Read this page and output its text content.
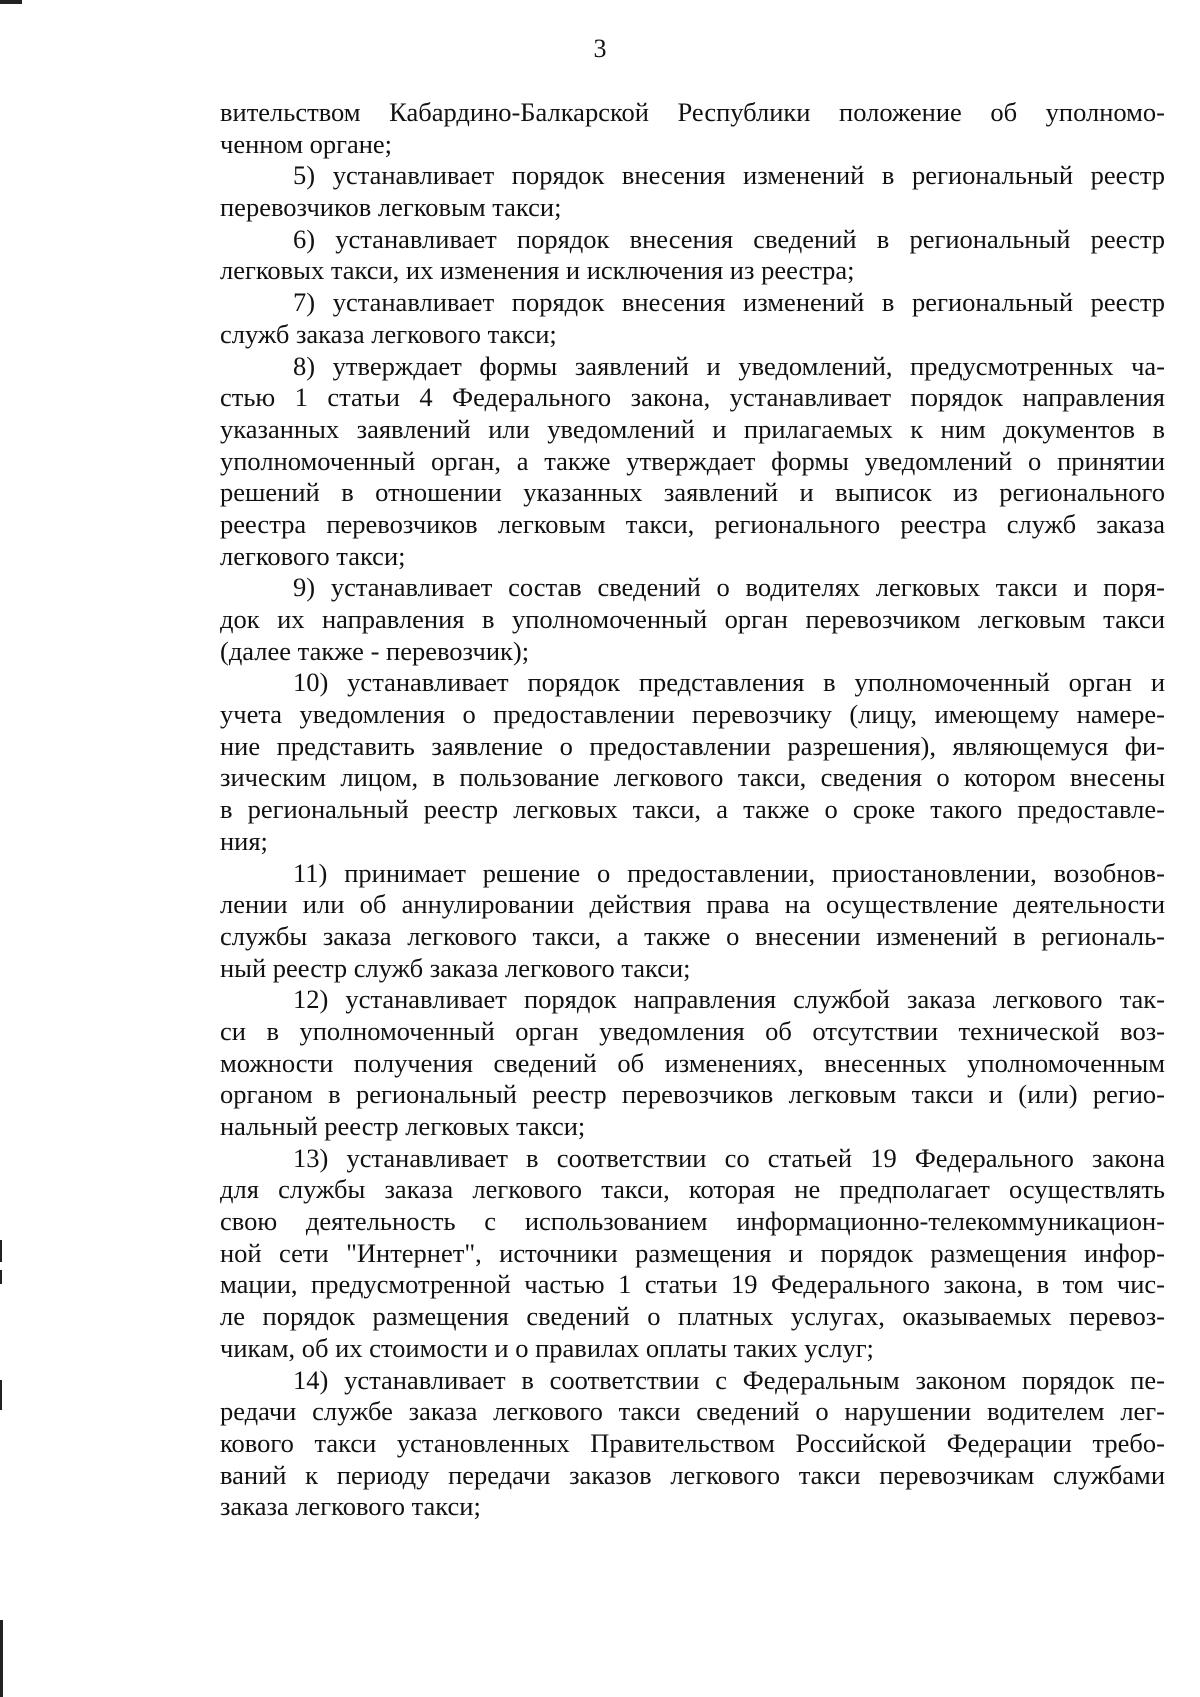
3
вительством Кабардино-Балкарской Республики положение об уполномо-
ченном органе;
5) устанавливает порядок внесения изменений в региональный реестр
перевозчиков легковым такси;
6) устанавливает порядок внесения сведений в региональный реестр
легковых такси, их изменения и исключения из реестра;
7) устанавливает порядок внесения изменений в региональный реестр
служб заказа легкового такси;
8) утверждает формы заявлений и уведомлений, предусмотренных ча-
стью 1 статьи 4 Федерального закона, устанавливает порядок направления
указанных заявлений или уведомлений и прилагаемых к ним документов в
уполномоченный орган, а также утверждает формы уведомлений о принятии
решений в отношении указанных заявлений и выписок из регионального
реестра перевозчиков легковым такси, регионального реестра служб заказа
легкового такси;
9) устанавливает состав сведений о водителях легковых такси и поря-
док их направления в уполномоченный орган перевозчиком легковым такси
(далее также - перевозчик);
10) устанавливает порядок представления в уполномоченный орган и
учета уведомления о предоставлении перевозчику (лицу, имеющему намере-
ние представить заявление о предоставлении разрешения), являющемуся фи-
зическим лицом, в пользование легкового такси, сведения о котором внесены
в региональный реестр легковых такси, а также о сроке такого предоставле-
ния;
11) принимает решение о предоставлении, приостановлении, возобнов-
лении или об аннулировании действия права на осуществление деятельности
службы заказа легкового такси, а также о внесении изменений в региональ-
ный реестр служб заказа легкового такси;
12) устанавливает порядок направления службой заказа легкового так-
си в уполномоченный орган уведомления об отсутствии технической воз-
можности получения сведений об изменениях, внесенных уполномоченным
органом в региональный реестр перевозчиков легковым такси и (или) регио-
нальный реестр легковых такси;
13) устанавливает в соответствии со статьей 19 Федерального закона
для службы заказа легкового такси, которая не предполагает осуществлять
свою деятельность с использованием информационно-телекоммуникацион-
ной сети "Интернет", источники размещения и порядок размещения инфор-
мации, предусмотренной частью 1 статьи 19 Федерального закона, в том чис-
ле порядок размещения сведений о платных услугах, оказываемых перевоз-
чикам, об их стоимости и о правилах оплаты таких услуг;
14) устанавливает в соответствии с Федеральным законом порядок пе-
редачи службе заказа легкового такси сведений о нарушении водителем лег-
кового такси установленных Правительством Российской Федерации требо-
ваний к периоду передачи заказов легкового такси перевозчикам службами
заказа легкового такси;
